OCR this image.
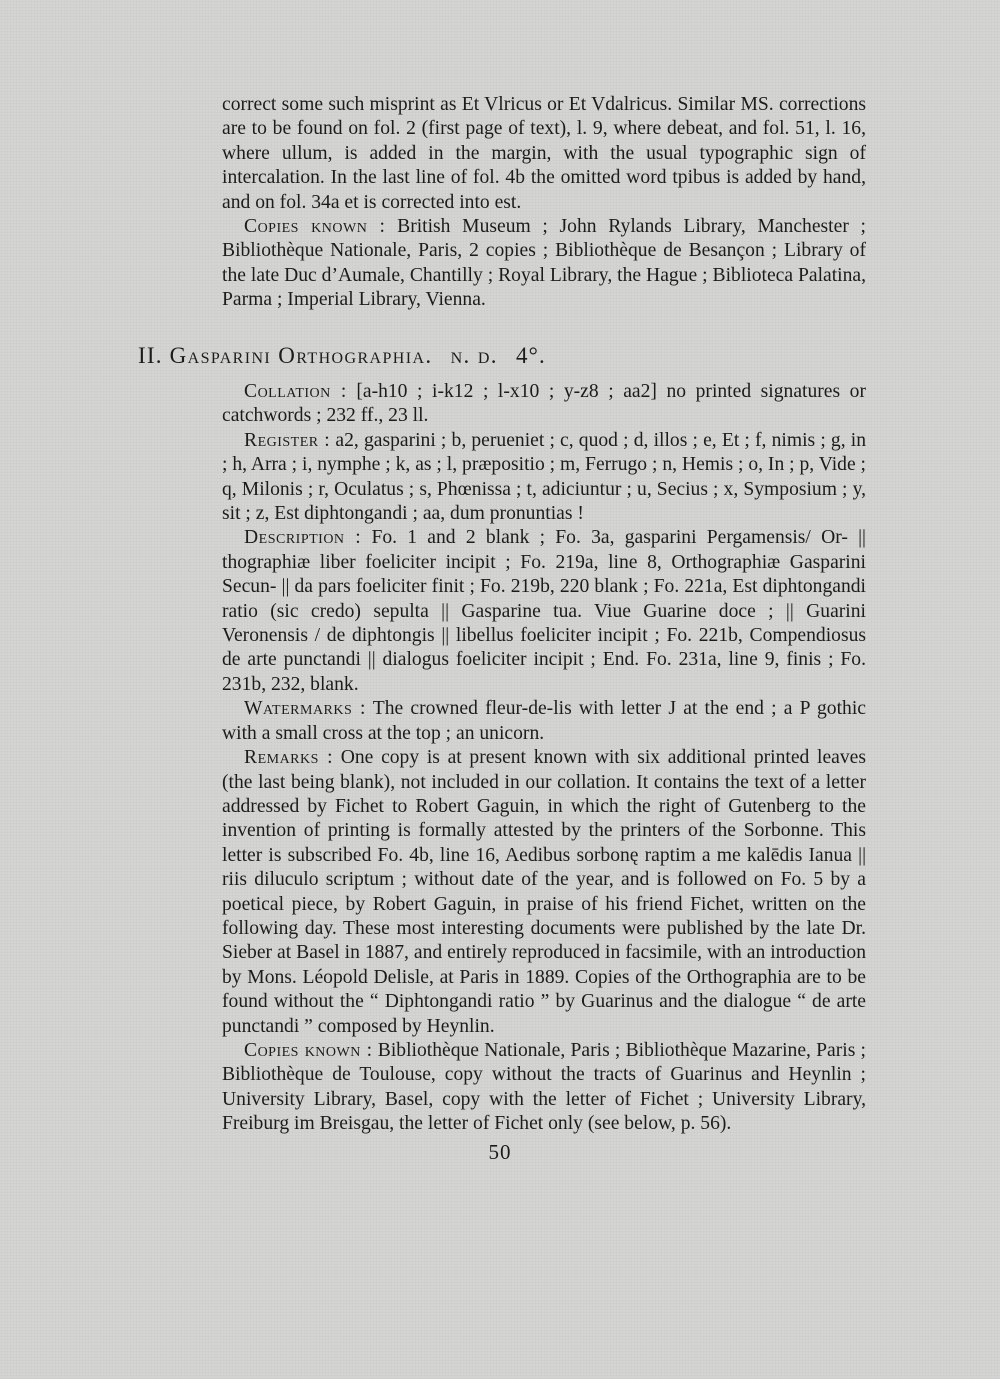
correct some such misprint as Et Vlricus or Et Vdalricus. Similar MS. corrections are to be found on fol. 2 (first page of text), l. 9, where debeat, and fol. 51, l. 16, where ullum, is added in the margin, with the usual typographic sign of intercalation. In the last line of fol. 4b the omitted word tpibus is added by hand, and on fol. 34a et is corrected into est.

Copies known : British Museum ; John Rylands Library, Manchester ; Bibliothèque Nationale, Paris, 2 copies ; Bibliothèque de Besançon ; Library of the late Duc d’Aumale, Chantilly ; Royal Library, the Hague ; Biblioteca Palatina, Parma ; Imperial Library, Vienna.

II. Gasparini Orthographia. n. d. 4°.

Collation : [a-h10 ; i-k12 ; l-x10 ; y-z8 ; aa2] no printed signatures or catchwords ; 232 ff., 23 ll.

Register : a2, gasparini ; b, perueniet ; c, quod ; d, illos ; e, Et ; f, nimis ; g, in ; h, Arra ; i, nymphe ; k, as ; l, præpositio ; m, Ferrugo ; n, Hemis ; o, In ; p, Vide ; q, Milonis ; r, Oculatus ; s, Phœnissa ; t, adiciuntur ; u, Secius ; x, Symposium ; y, sit ; z, Est diphtongandi ; aa, dum pronuntias !

Description : Fo. 1 and 2 blank ; Fo. 3a, gasparini Pergamensis/ Or- || thographiæ liber foeliciter incipit ; Fo. 219a, line 8, Orthographiæ Gasparini Secun- || da pars foeliciter finit ; Fo. 219b, 220 blank ; Fo. 221a, Est diphtongandi ratio (sic credo) sepulta || Gasparine tua. Viue Guarine doce ; || Guarini Veronensis / de diphtongis || libellus foeliciter incipit ; Fo. 221b, Compendiosus de arte punctandi || dialogus foeliciter incipit ; End. Fo. 231a, line 9, finis ; Fo. 231b, 232, blank.

Watermarks : The crowned fleur-de-lis with letter J at the end ; a P gothic with a small cross at the top ; an unicorn.

Remarks : One copy is at present known with six additional printed leaves (the last being blank), not included in our collation. It contains the text of a letter addressed by Fichet to Robert Gaguin, in which the right of Gutenberg to the invention of printing is formally attested by the printers of the Sorbonne. This letter is subscribed Fo. 4b, line 16, Aedibus sorbonę raptim a me kalēdis Ianua || riis diluculo scriptum ; without date of the year, and is followed on Fo. 5 by a poetical piece, by Robert Gaguin, in praise of his friend Fichet, written on the following day. These most interesting documents were published by the late Dr. Sieber at Basel in 1887, and entirely reproduced in facsimile, with an introduction by Mons. Léopold Delisle, at Paris in 1889. Copies of the Orthographia are to be found without the “ Diphtongandi ratio ” by Guarinus and the dialogue “ de arte punctandi ” composed by Heynlin.

Copies known : Bibliothèque Nationale, Paris ; Bibliothèque Mazarine, Paris ; Bibliothèque de Toulouse, copy without the tracts of Guarinus and Heynlin ; University Library, Basel, copy with the letter of Fichet ; University Library, Freiburg im Breisgau, the letter of Fichet only (see below, p. 56).

50
